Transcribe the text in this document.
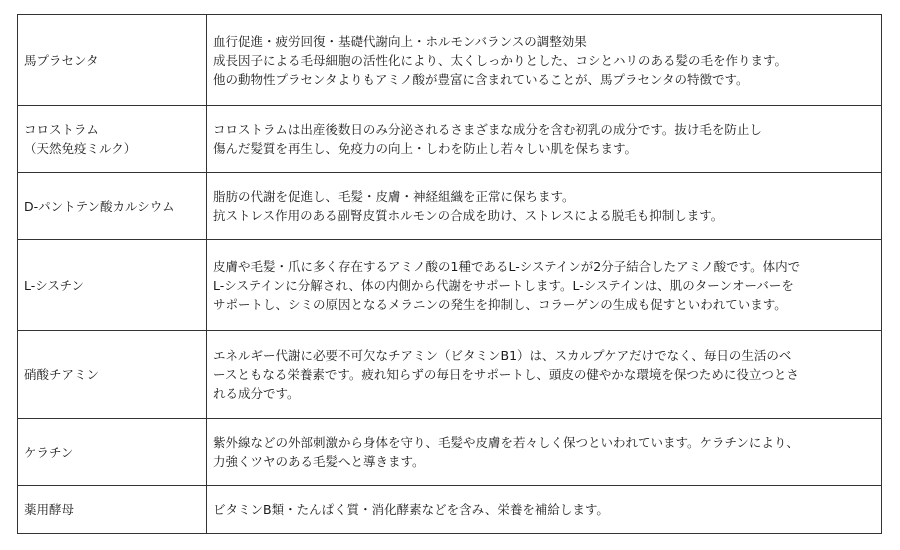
馬プラセンタ	血行促進・疲労回復・基礎代謝向上・ホルモンバランスの調整効果
成長因子による毛母細胞の活性化により、太くしっかりとした、コシとハリのある髪の毛を作ります。
他の動物性プラセンタよりもアミノ酸が豊富に含まれていることが、馬プラセンタの特徴です。

コロストラム
（天然免疫ミルク）	コロストラムは出産後数日のみ分泌されるさまざまな成分を含む初乳の成分です。抜け毛を防止し
傷んだ髪質を再生し、免疫力の向上・しわを防止し若々しい肌を保ちます。

D-パントテン酸カルシウム	脂肪の代謝を促進し、毛髪・皮膚・神経組織を正常に保ちます。
抗ストレス作用のある副腎皮質ホルモンの合成を助け、ストレスによる脱毛も抑制します。

L-シスチン	皮膚や毛髪・爪に多く存在するアミノ酸の1種であるL-システインが2分子結合したアミノ酸です。体内で
L-システインに分解され、体の内側から代謝をサポートします。L-システインは、肌のターンオーバーを
サポートし、シミの原因となるメラニンの発生を抑制し、コラーゲンの生成も促すといわれています。

硝酸チアミン	エネルギー代謝に必要不可欠なチアミン（ビタミンB1）は、スカルプケアだけでなく、毎日の生活のベ
ースともなる栄養素です。疲れ知らずの毎日をサポートし、頭皮の健やかな環境を保つために役立つとさ
れる成分です。

ケラチン	紫外線などの外部刺激から身体を守り、毛髪や皮膚を若々しく保つといわれています。ケラチンにより、
力強くツヤのある毛髪へと導きます。

薬用酵母	ビタミンB類・たんぱく質・消化酵素などを含み、栄養を補給します。
